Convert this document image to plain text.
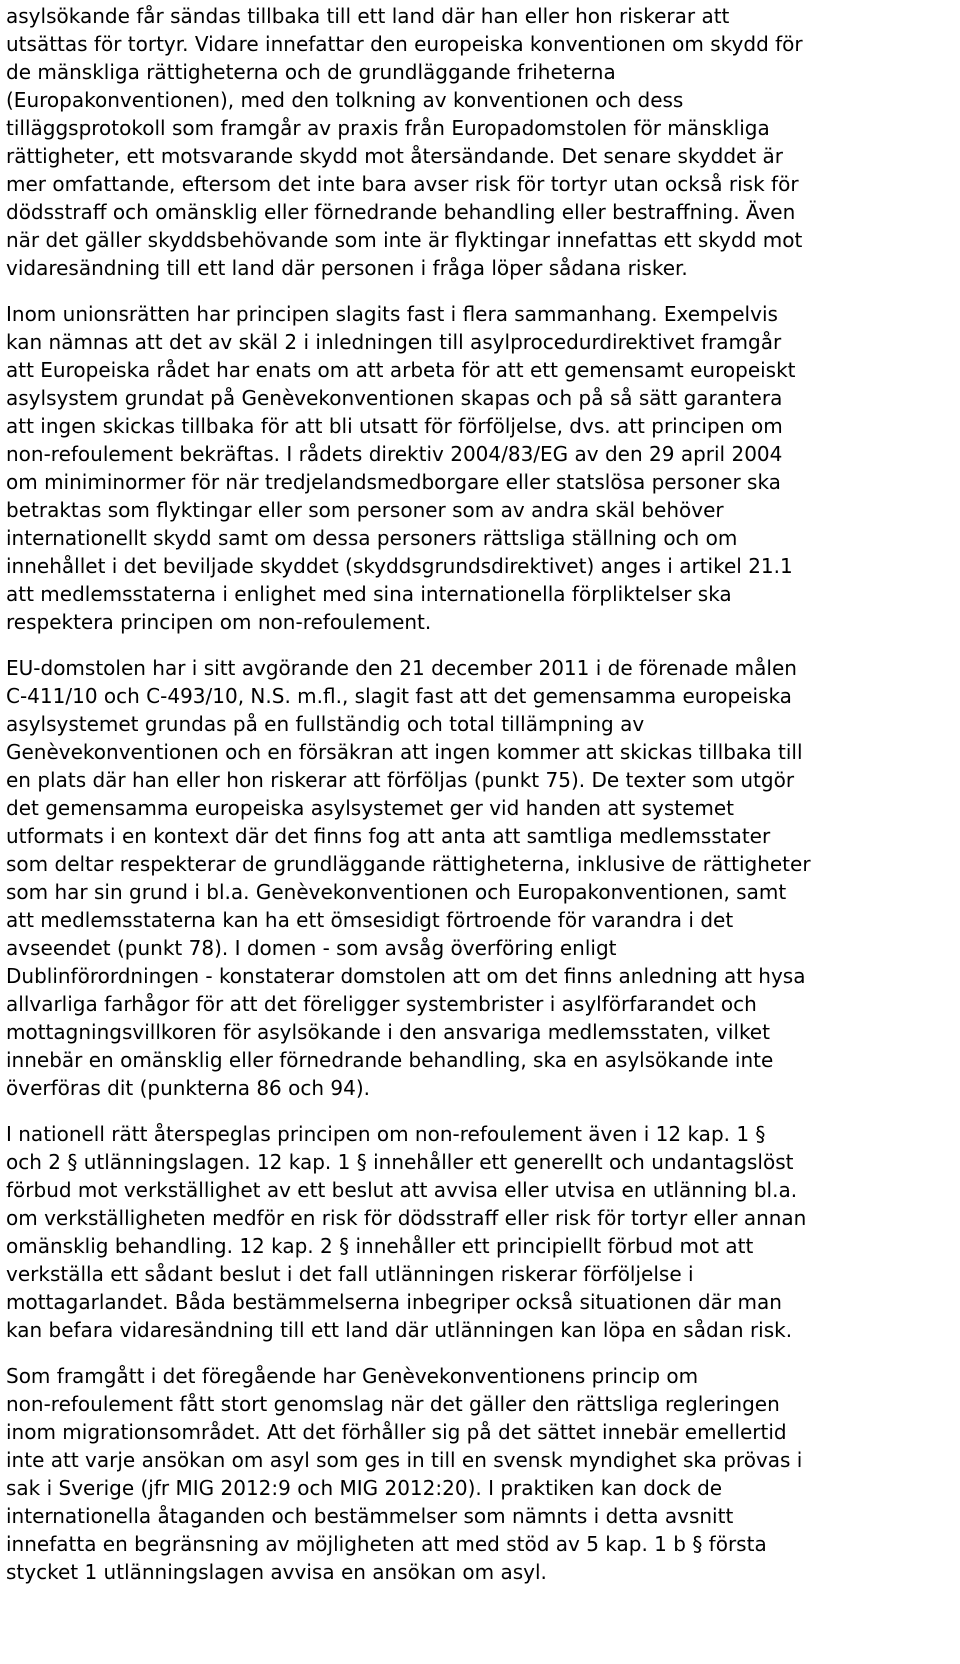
asylsökande får sändas tillbaka till ett land där han eller hon riskerar att
utsättas för tortyr. Vidare innefattar den europeiska konventionen om skydd för
de mänskliga rättigheterna och de grundläggande friheterna
(Europakonventionen), med den tolkning av konventionen och dess
tilläggsprotokoll som framgår av praxis från Europadomstolen för mänskliga
rättigheter, ett motsvarande skydd mot återsändande. Det senare skyddet är
mer omfattande, eftersom det inte bara avser risk för tortyr utan också risk för
dödsstraff och omänsklig eller förnedrande behandling eller bestraffning. Även
när det gäller skyddsbehövande som inte är flyktingar innefattas ett skydd mot
vidaresändning till ett land där personen i fråga löper sådana risker.

Inom unionsrätten har principen slagits fast i flera sammanhang. Exempelvis
kan nämnas att det av skäl 2 i inledningen till asylprocedurdirektivet framgår
att Europeiska rådet har enats om att arbeta för att ett gemensamt europeiskt
asylsystem grundat på Genèvekonventionen skapas och på så sätt garantera
att ingen skickas tillbaka för att bli utsatt för förföljelse, dvs. att principen om
non-refoulement bekräftas. I rådets direktiv 2004/83/EG av den 29 april 2004
om miniminormer för när tredjelandsmedborgare eller statslösa personer ska
betraktas som flyktingar eller som personer som av andra skäl behöver
internationellt skydd samt om dessa personers rättsliga ställning och om
innehållet i det beviljade skyddet (skyddsgrundsdirektivet) anges i artikel 21.1
att medlemsstaterna i enlighet med sina internationella förpliktelser ska
respektera principen om non-refoulement.

EU-domstolen har i sitt avgörande den 21 december 2011 i de förenade målen
C-411/10 och C-493/10, N.S. m.fl., slagit fast att det gemensamma europeiska
asylsystemet grundas på en fullständig och total tillämpning av
Genèvekonventionen och en försäkran att ingen kommer att skickas tillbaka till
en plats där han eller hon riskerar att förföljas (punkt 75). De texter som utgör
det gemensamma europeiska asylsystemet ger vid handen att systemet
utformats i en kontext där det finns fog att anta att samtliga medlemsstater
som deltar respekterar de grundläggande rättigheterna, inklusive de rättigheter
som har sin grund i bl.a. Genèvekonventionen och Europakonventionen, samt
att medlemsstaterna kan ha ett ömsesidigt förtroende för varandra i det
avseendet (punkt 78). I domen - som avsåg överföring enligt
Dublinförordningen - konstaterar domstolen att om det finns anledning att hysa
allvarliga farhågor för att det föreligger systembrister i asylförfarandet och
mottagningsvillkoren för asylsökande i den ansvariga medlemsstaten, vilket
innebär en omänsklig eller förnedrande behandling, ska en asylsökande inte
överföras dit (punkterna 86 och 94).

I nationell rätt återspeglas principen om non-refoulement även i 12 kap. 1 §
och 2 § utlänningslagen. 12 kap. 1 § innehåller ett generellt och undantagslöst
förbud mot verkställighet av ett beslut att avvisa eller utvisa en utlänning bl.a.
om verkställigheten medför en risk för dödsstraff eller risk för tortyr eller annan
omänsklig behandling. 12 kap. 2 § innehåller ett principiellt förbud mot att
verkställa ett sådant beslut i det fall utlänningen riskerar förföljelse i
mottagarlandet. Båda bestämmelserna inbegriper också situationen där man
kan befara vidaresändning till ett land där utlänningen kan löpa en sådan risk.

Som framgått i det föregående har Genèvekonventionens princip om
non-refoulement fått stort genomslag när det gäller den rättsliga regleringen
inom migrationsområdet. Att det förhåller sig på det sättet innebär emellertid
inte att varje ansökan om asyl som ges in till en svensk myndighet ska prövas i
sak i Sverige (jfr MIG 2012:9 och MIG 2012:20). I praktiken kan dock de
internationella åtaganden och bestämmelser som nämnts i detta avsnitt
innefatta en begränsning av möjligheten att med stöd av 5 kap. 1 b § första
stycket 1 utlänningslagen avvisa en ansökan om asyl.
